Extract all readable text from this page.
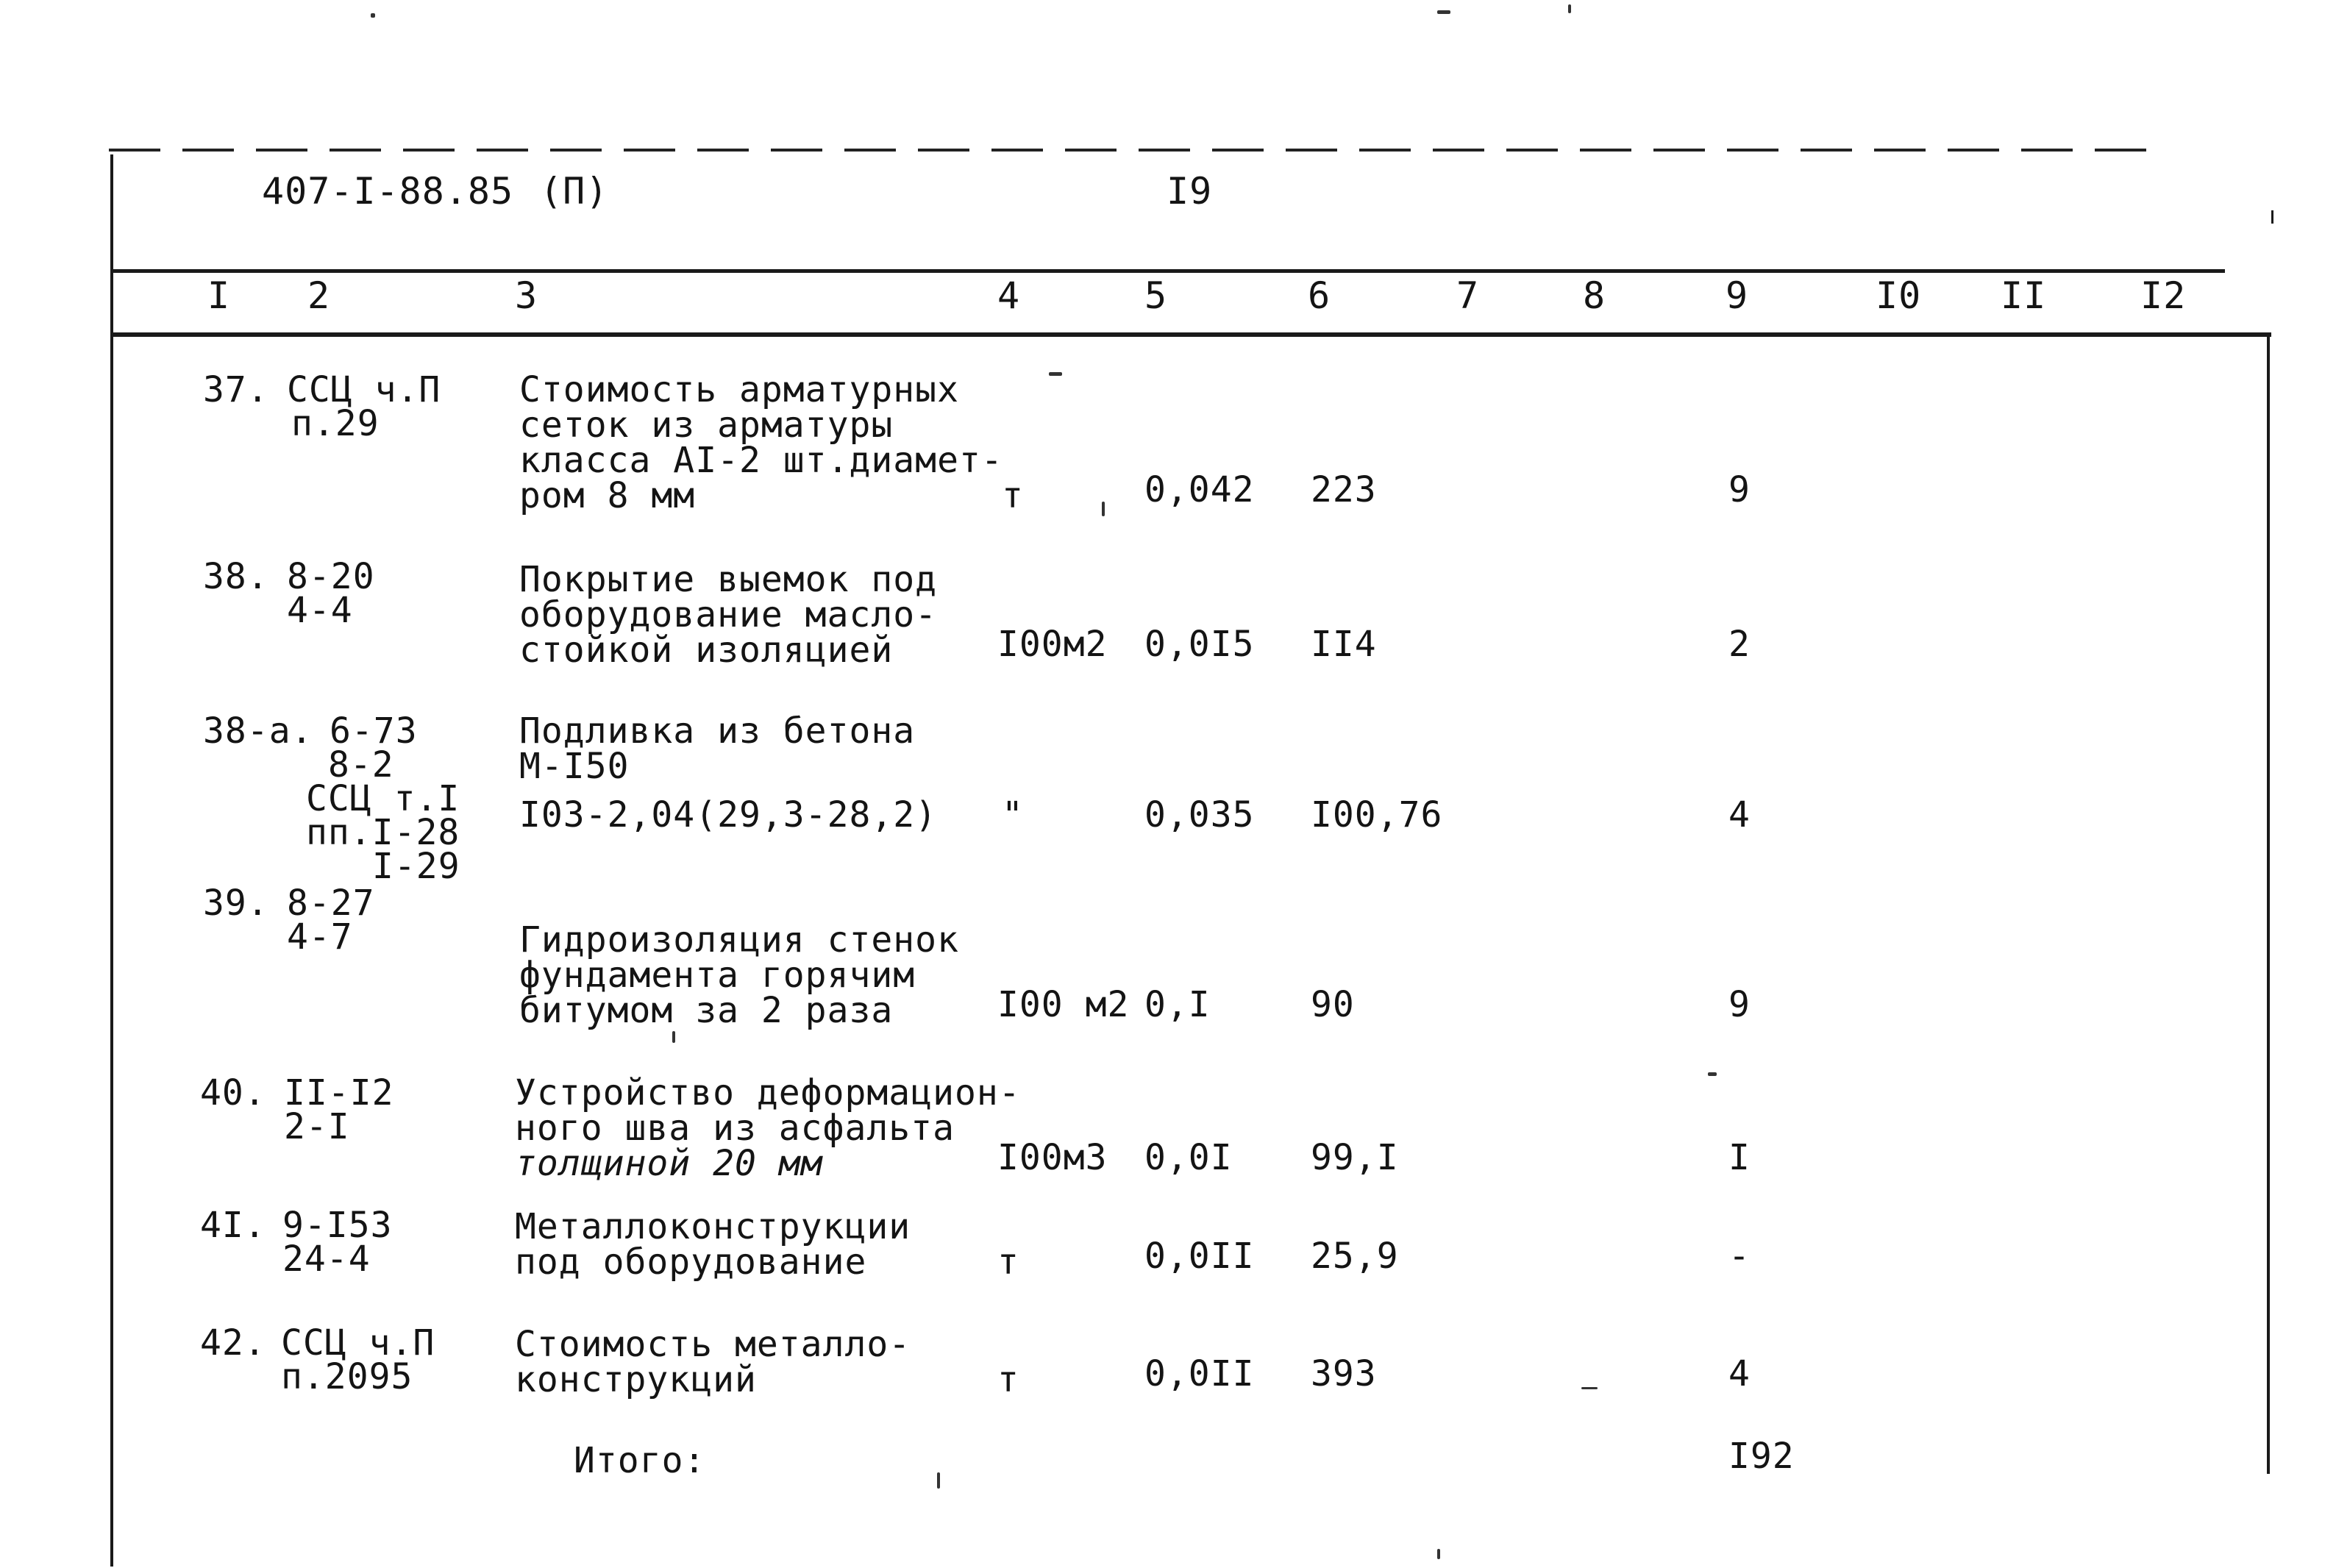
407-I-88.85 (П)	I9
I 2	3	4	5	6	7	8	9	I0 II	I2
37. ССЦ ч.П
п.29
Стоимость арматурных
сеток из арматуры
класса АI-2 шт.диамет-
ром 8 мм	т	0,042 223	9
38. 8-20
4-4
Покрытие выемок под
оборудование масло-
стойкой изоляцией	I00м2 0,0I5 II4	2
38-а. 6-73
8-2
ССЦ т.I
пп.I-28
I-29
Подливка из бетона
М-I50
I03-2,04(29,3-28,2) "	0,035 I00,76	4
39. 8-27
4-7	Гидроизоляция стенок
фундамента горячим
битумом за 2 раза	I00 м2 0,I	90	9
40. II-I2
2-I
Устройство деформацион-
ного шва из асфальта
толщиной 20 мм	I00м3 0,0I 99,I	I
4I. 9-I53
24-4
Металлоконструкции
под оборудование	т	0,0II 25,9	-
42. ССЦ ч.П
п.2095
Стоимость металло-
конструкций	т	0,0II 393	4
Итого:	I92
